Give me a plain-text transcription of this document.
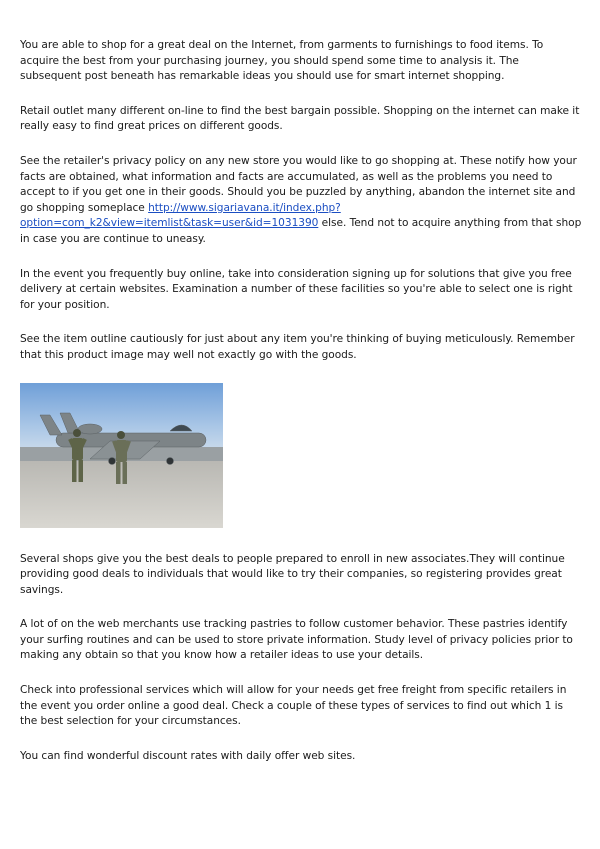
You are able to shop for a great deal on the Internet, from garments to furnishings to food items. To acquire the best from your purchasing journey, you should spend some time to analysis it. The subsequent post beneath has remarkable ideas you should use for smart internet shopping.

Retail outlet many different on-line to find the best bargain possible. Shopping on the internet can make it really easy to find great prices on different goods.

See the retailer's privacy policy on any new store you would like to go shopping at. These notify how your facts are obtained, what information and facts are accumulated, as well as the problems you need to accept to if you get one in their goods. Should you be puzzled by anything, abandon the internet site and go shopping someplace http://www.sigariavana.it/index.php?option=com_k2&view=itemlist&task=user&id=1031390 else. Tend not to acquire anything from that shop in case you are continue to uneasy.

In the event you frequently buy online, take into consideration signing up for solutions that give you free delivery at certain websites. Examination a number of these facilities so you're able to select one is right for your position.

See the item outline cautiously for just about any item you're thinking of buying meticulously. Remember that this product image may well not exactly go with the goods.

Several shops give you the best deals to people prepared to enroll in new associates.They will continue providing good deals to individuals that would like to try their companies, so registering provides great savings.

A lot of on the web merchants use tracking pastries to follow customer behavior. These pastries identify your surfing routines and can be used to store private information. Study level of privacy policies prior to making any obtain so that you know how a retailer ideas to use your details.

Check into professional services which will allow for your needs get free freight from specific retailers in the event you order online a good deal. Check a couple of these types of services to find out which 1 is the best selection for your circumstances.

You can find wonderful discount rates with daily offer web sites.
